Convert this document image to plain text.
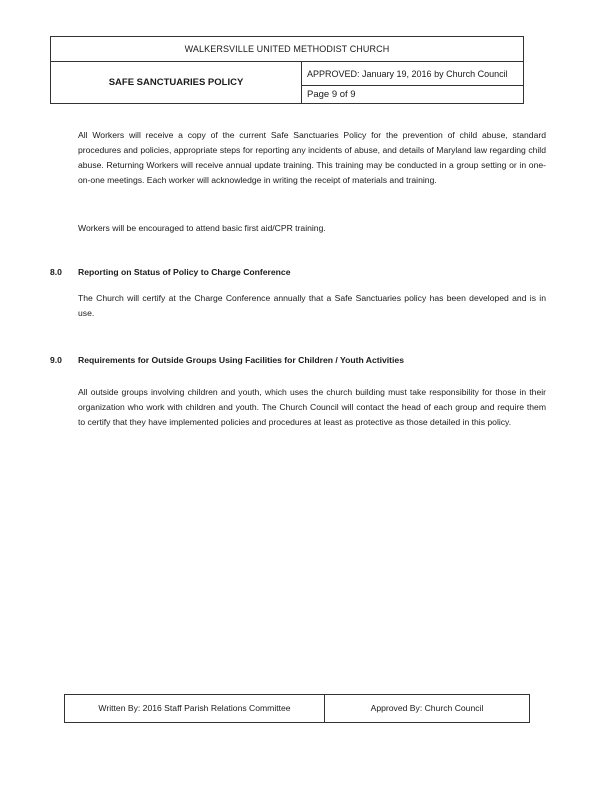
WALKERSVILLE UNITED METHODIST CHURCH
SAFE SANCTUARIES POLICY
APPROVED: January 19, 2016 by Church Council
Page 9 of 9

All Workers will receive a copy of the current Safe Sanctuaries Policy for the prevention of child abuse, standard procedures and policies, appropriate steps for reporting any incidents of abuse, and details of Maryland law regarding child abuse. Returning Workers will receive annual update training. This training may be conducted in a group setting or in one-on-one meetings. Each worker will acknowledge in writing the receipt of materials and training.

Workers will be encouraged to attend basic first aid/CPR training.

8.0 Reporting on Status of Policy to Charge Conference

The Church will certify at the Charge Conference annually that a Safe Sanctuaries policy has been developed and is in use.

9.0 Requirements for Outside Groups Using Facilities for Children / Youth Activities

All outside groups involving children and youth, which uses the church building must take responsibility for those in their organization who work with children and youth. The Church Council will contact the head of each group and require them to certify that they have implemented policies and procedures at least as protective as those detailed in this policy.

Written By: 2016 Staff Parish Relations Committee	Approved By: Church Council
